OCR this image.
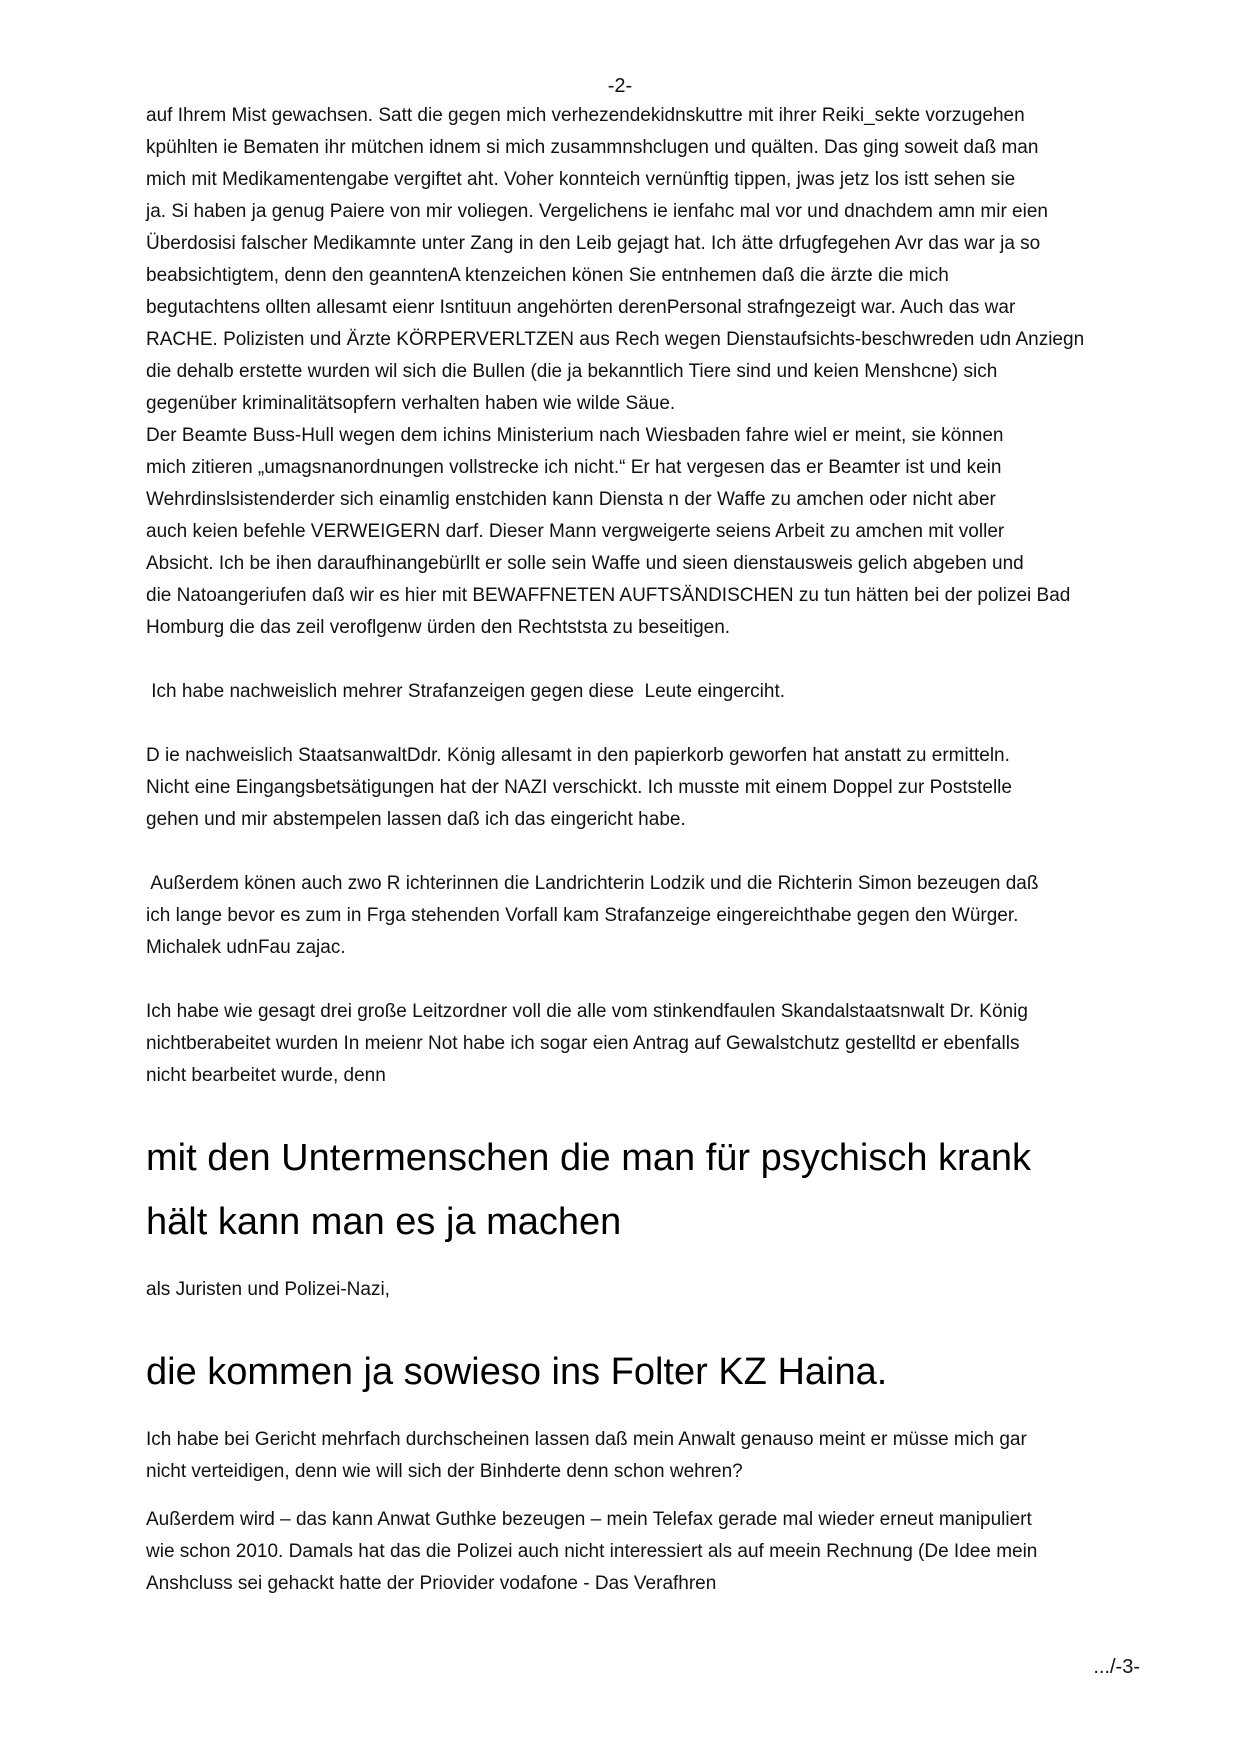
-2-

auf Ihrem Mist gewachsen. Satt die gegen mich verhezendekidnskuttre mit ihrer Reiki_sekte vorzugehen

kpühlten ie Bematen ihr mütchen idnem si mich zusammnshclugen und quälten. Das ging soweit daß man

mich mit Medikamentengabe vergiftet aht. Voher konnteich vernünftig tippen, jwas jetz los istt sehen sie

ja. Si haben ja genug Paiere von mir voliegen. Vergelichens ie ienfahc mal vor und dnachdem amn mir eien

Überdosisi falscher Medikamnte unter Zang in den Leib gejagt hat. Ich ätte drfugfegehen Avr das war ja so

beabsichtigtem, denn den geanntenA ktenzeichen könen Sie entnhemen daß die ärzte die mich

begutachtens ollten allesamt eienr Isntituun angehörten derenPersonal strafngezeigt war. Auch das war

RACHE. Polizisten und Ärzte KÖRPERVERLTZEN aus Rech wegen Dienstaufsichts-beschwreden udn Anziegn

die dehalb erstette wurden wil sich die Bullen (die ja bekanntlich Tiere sind und keien Menshcne) sich

gegenüber kriminalitätsopfern verhalten haben wie wilde Säue.

Der Beamte Buss-Hull wegen dem ichins Ministerium nach Wiesbaden fahre wiel er meint, sie können

mich zitieren „umagsnanordnungen vollstrecke ich nicht.“ Er hat vergesen das er Beamter ist und kein

Wehrdinslsistenderder sich einamlig enstchiden kann Diensta n der Waffe zu amchen oder nicht aber

auch keien befehle VERWEIGERN darf. Dieser Mann vergweigerte seiens Arbeit zu amchen mit voller

Absicht. Ich be ihen daraufhinangebürllt er solle sein Waffe und sieen dienstausweis gelich abgeben und

die Natoangeriufen daß wir es hier mit BEWAFFNETEN AUFTSÄNDISCHEN zu tun hätten bei der polizei Bad

Homburg die das zeil veroflgenw ürden den Rechtststa zu beseitigen.

Ich habe nachweislich mehrer Strafanzeigen gegen diese  Leute eingerciht.

D ie nachweislich StaatsanwaltDdr. König allesamt in den papierkorb geworfen hat anstatt zu ermitteln.

Nicht eine Eingangsbetsätigungen hat der NAZI verschickt. Ich musste mit einem Doppel zur Poststelle

gehen und mir abstempelen lassen daß ich das eingericht habe.

Außerdem könen auch zwo R ichterinnen die Landrichterin Lodzik und die Richterin Simon bezeugen daß

ich lange bevor es zum in Frga stehenden Vorfall kam Strafanzeige eingereichthabe gegen den Würger.

Michalek udnFau zajac.

Ich habe wie gesagt drei große Leitzordner voll die alle vom stinkendfaulen Skandalstaatsnwalt Dr. König

nichtberabeitet wurden In meienr Not habe ich sogar eien Antrag auf Gewalstchutz gestelltd er ebenfalls

nicht bearbeitet wurde, denn

mit den Untermenschen die man für psychisch krank

hält kann man es ja machen

als Juristen und Polizei-Nazi,

die kommen ja sowieso ins Folter KZ Haina.

Ich habe bei Gericht mehrfach durchscheinen lassen daß mein Anwalt genauso meint er müsse mich gar

nicht verteidigen, denn wie will sich der Binhderte denn schon wehren?

Außerdem wird – das kann Anwat Guthke bezeugen – mein Telefax gerade mal wieder erneut manipuliert

wie schon 2010. Damals hat das die Polizei auch nicht interessiert als auf meein Rechnung (De Idee mein

Anshcluss sei gehackt hatte der Priovider vodafone - Das Verafhren

.../-3-
